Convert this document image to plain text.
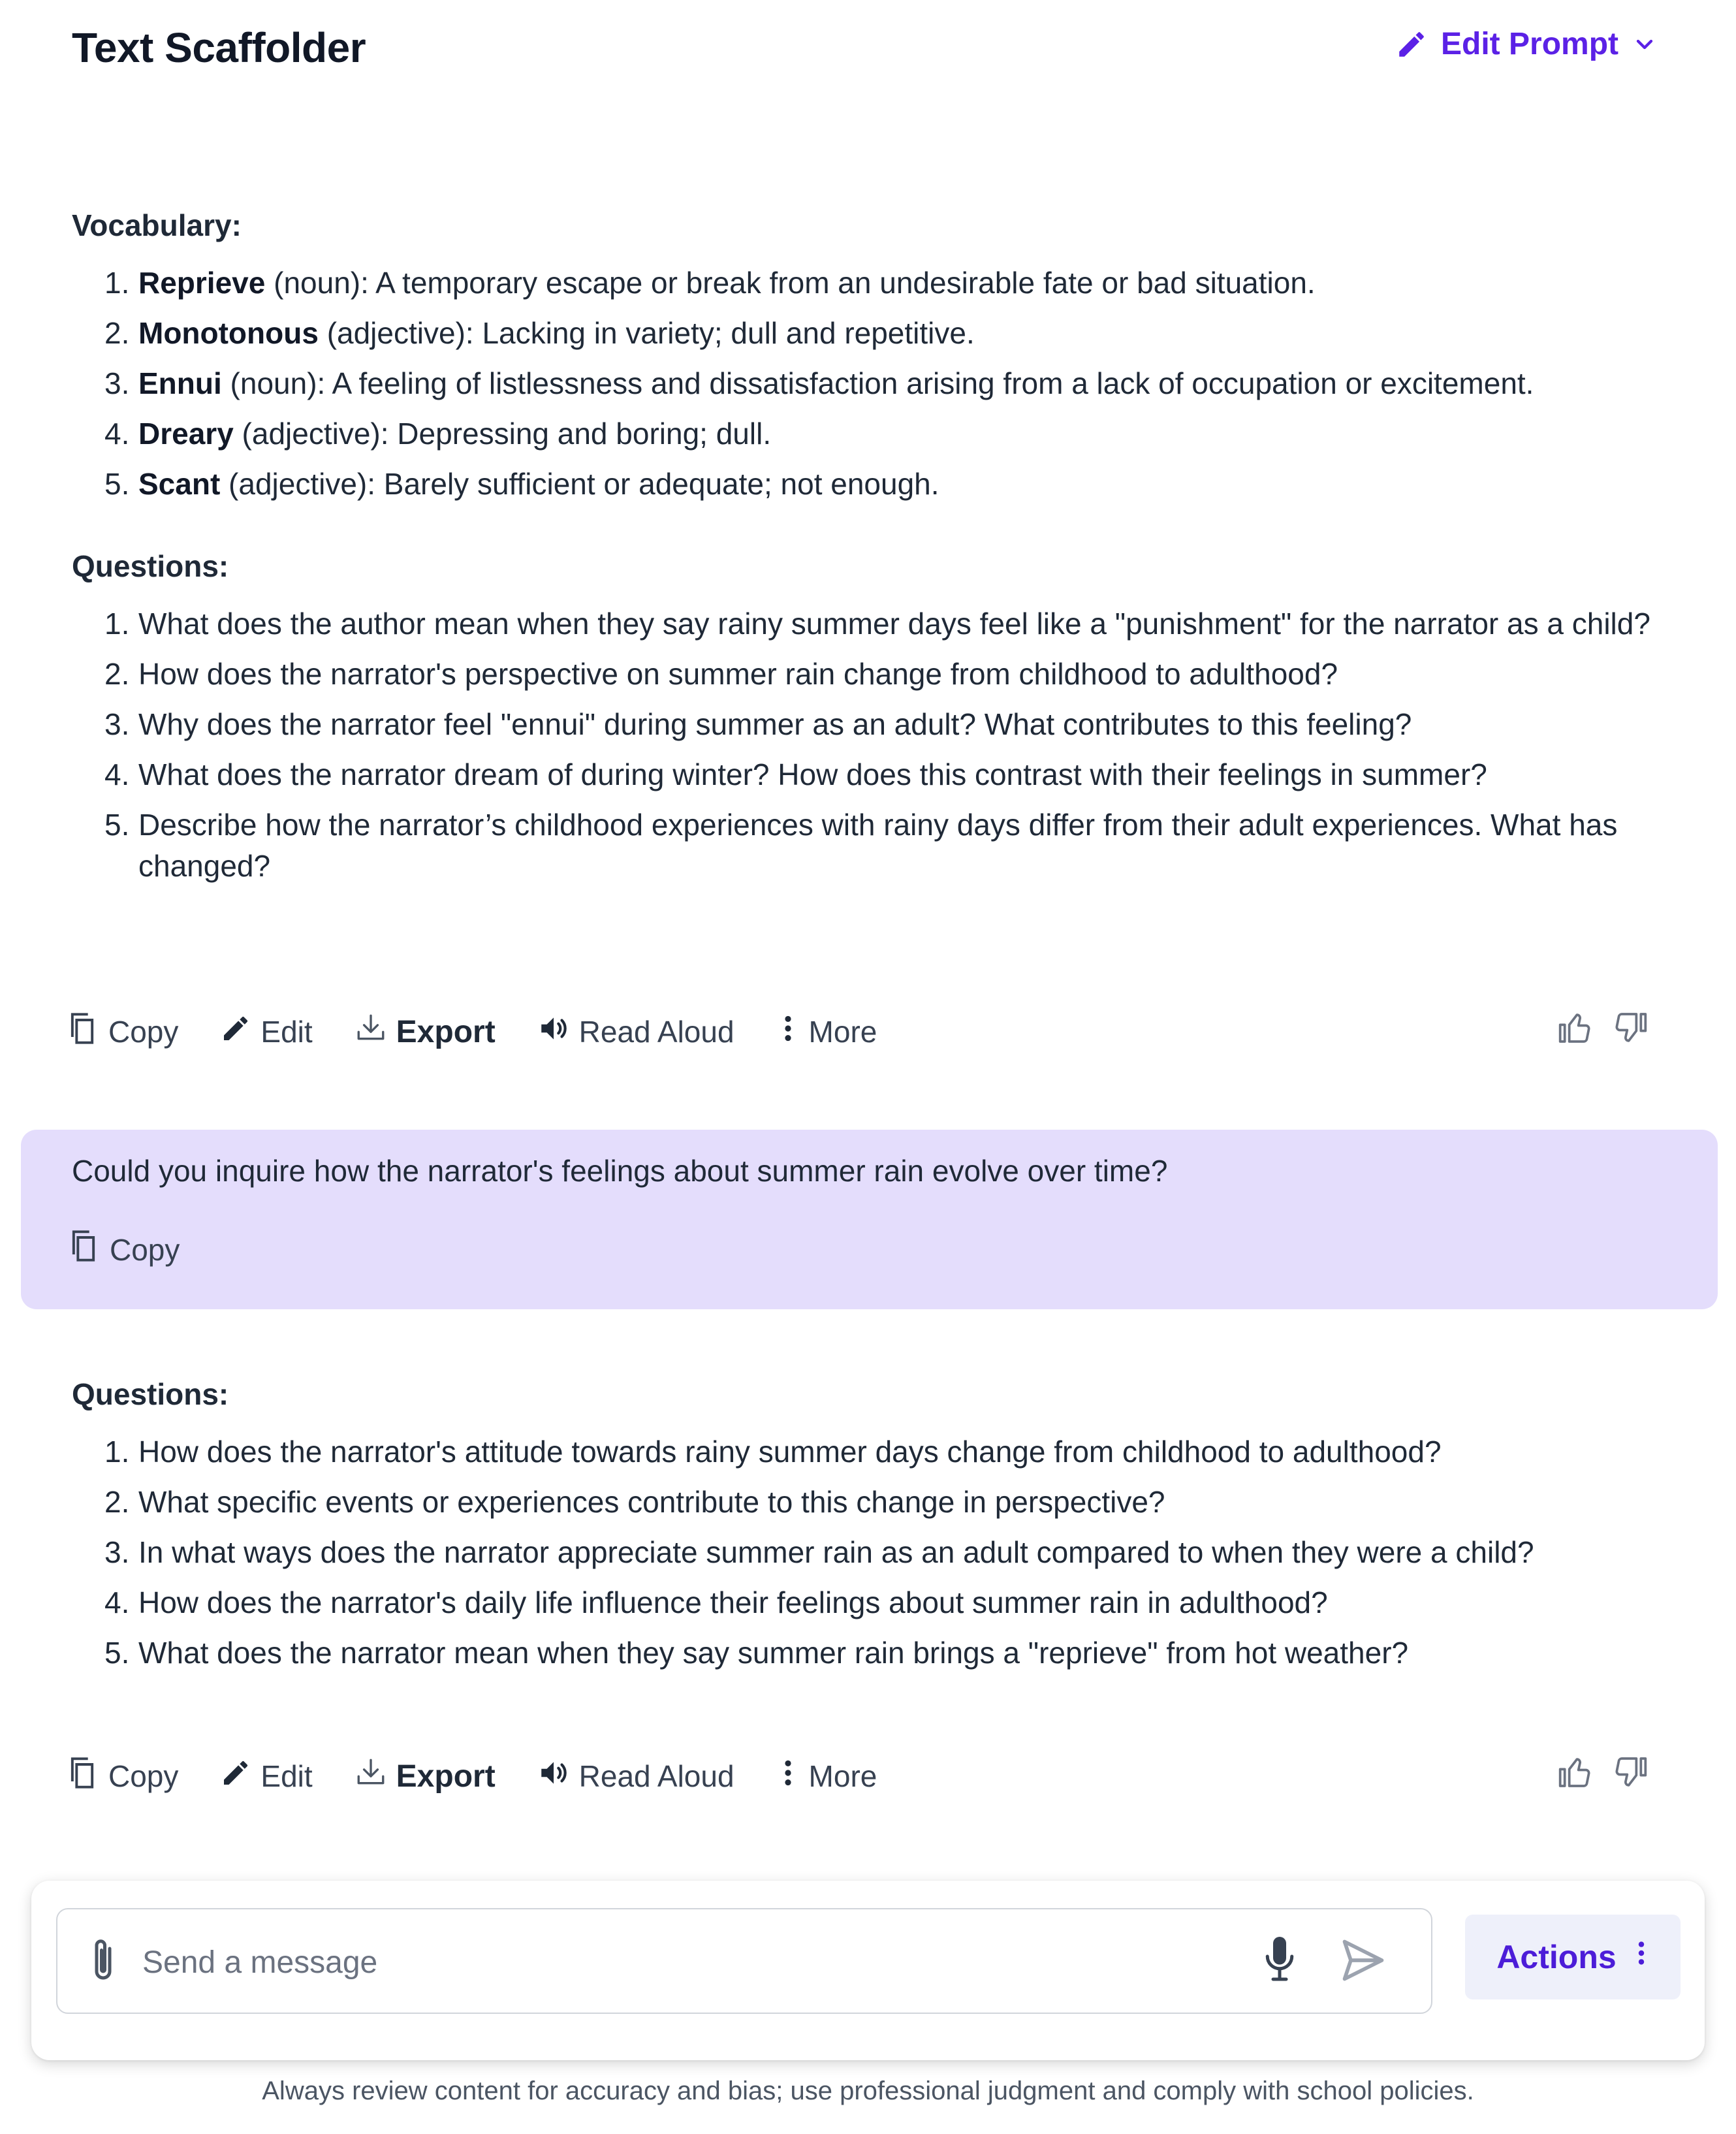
Text Scaffolder	Edit Prompt
Vocabulary:
Reprieve (noun): A temporary escape or break from an undesirable fate or bad situation.
Monotonous (adjective): Lacking in variety; dull and repetitive.
Ennui (noun): A feeling of listlessness and dissatisfaction arising from a lack of occupation or excitement.
Dreary (adjective): Depressing and boring; dull.
Scant (adjective): Barely sufficient or adequate; not enough.
Questions:
What does the author mean when they say rainy summer days feel like a "punishment" for the narrator as a child?
How does the narrator's perspective on summer rain change from childhood to adulthood?
Why does the narrator feel "ennui" during summer as an adult? What contributes to this feeling?
What does the narrator dream of during winter? How does this contrast with their feelings in summer?
Describe how the narrator’s childhood experiences with rainy days differ from their adult experiences. What has changed?
Copy	Edit	Export	Read Aloud More
Could you inquire how the narrator's feelings about summer rain evolve over time?
Copy
Questions:
How does the narrator's attitude towards rainy summer days change from childhood to adulthood?
What specific events or experiences contribute to this change in perspective?
In what ways does the narrator appreciate summer rain as an adult compared to when they were a child?
How does the narrator's daily life influence their feelings about summer rain in adulthood?
What does the narrator mean when they say summer rain brings a "reprieve" from hot weather?
Copy	Edit	Export	Read Aloud More
Send a message
Actions
Always review content for accuracy and bias; use professional judgment and comply with school policies.
